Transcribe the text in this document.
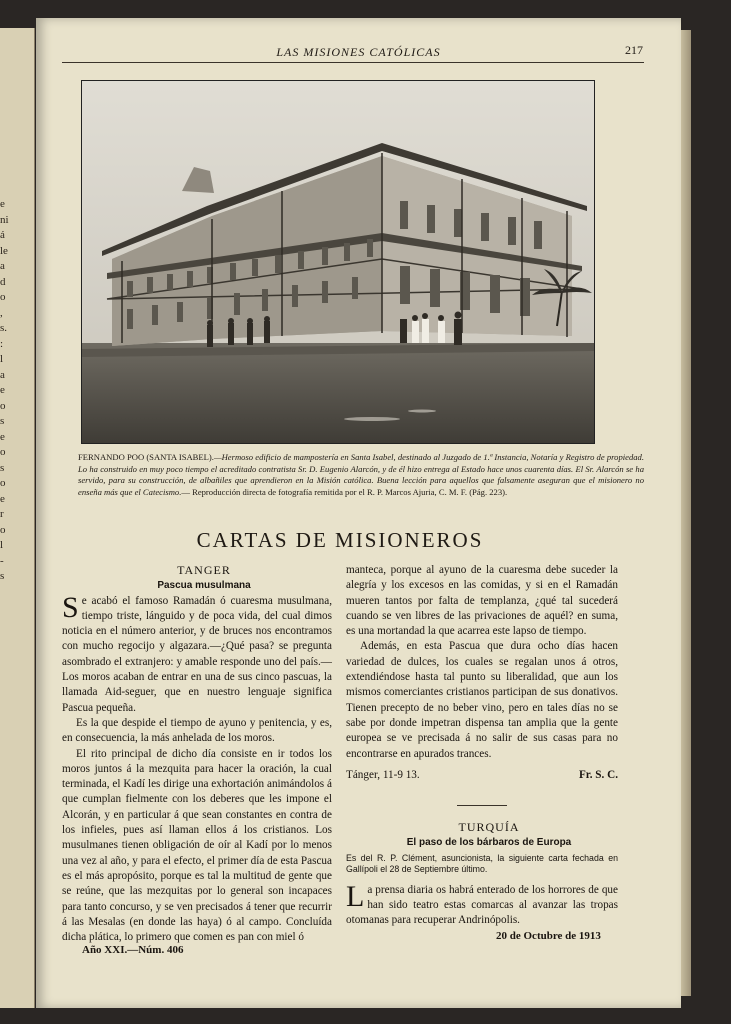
e
ni
á
le
a
d
o
,
s.
:
l
a
e
o
s
e
o
s
o
e
r
o
l
-
s
LAS MISIONES CATÓLICAS	217
FERNANDO POO (SANTA ISABEL).—Hermoso edificio de mampostería en Santa Isabel, destinado al Juzgado de 1.ª Instancia, Notaría y Registro de propiedad. Lo ha construido en muy poco tiempo el acreditado contratista Sr. D. Eugenio Alarcón, y de él hizo entrega al Estado hace unos cuarenta días. El Sr. Alarcón se ha servido, para su construcción, de albañiles que aprendieron en la Misión católica. Buena lección para aquellos que falsamente aseguran que el misionero no enseña más que el Catecismo.— Reproducción directa de fotografía remitida por el R. P. Marcos Ajuria, C. M. F. (Pág. 223).
CARTAS DE MISIONEROS

TANGER

Pascua musulmana

Se acabó el famoso Ramadán ó cuaresma musulmana, tiempo triste, lánguido y de poca vida, del cual dimos noticia en el número anterior, y de bruces nos encontramos con mucho regocijo y algazara.—¿Qué pasa? se pregunta asombrado el extranjero: y amable responde uno del país.—Los moros acaban de entrar en una de sus cinco pascuas, la llamada Aid-seguer, que en nuestro lenguaje significa Pascua pequeña.

Es la que despide el tiempo de ayuno y penitencia, y es, en consecuencia, la más anhelada de los moros.

El rito principal de dicho día consiste en ir todos los moros juntos á la mezquita para hacer la oración, la cual terminada, el Kadí les dirige una exhortación animándolos á que cumplan fielmente con los deberes que les impone el Alcorán, y en particular á que sean constantes en contra de los infieles, pues así llaman ellos á los cristianos. Los musulmanes tienen obligación de oír al Kadí por lo menos una vez al año, y para el efecto, el primer día de esta Pascua es el más apropósito, porque es tal la multitud de gente que se reúne, que las mezquitas por lo general son incapaces para tanto concurso, y se ven precisados á tener que recurrir á las Mesalas (en donde las haya) ó al campo. Concluída dicha plática, lo primero que comen es pan con miel ó

manteca, porque al ayuno de la cuaresma debe suceder la alegría y los excesos en las comidas, y si en el Ramadán mueren tantos por falta de templanza, ¿qué tal sucederá cuando se ven libres de las privaciones de aquél? en suma, es una mortandad la que acarrea este lapso de tiempo.

Además, en esta Pascua que dura ocho días hacen variedad de dulces, los cuales se regalan unos á otros, extendiéndose hasta tal punto su liberalidad, que aun los mismos comerciantes cristianos participan de sus donativos. Tienen precepto de no beber vino, pero en tales días no se sabe por donde impetran dispensa tan amplia que la gente europea se ve precisada á no salir de sus casas para no encontrarse en apurados trances.

Tánger, 11-9 13.	Fr. S. C.

TURQUÍA

El paso de los bárbaros de Europa

Es del R. P. Clément, asuncionista, la siguiente carta fechada en Gallípoli el 28 de Septiembre último.

La prensa diaria os habrá enterado de los horrores de que han sido teatro estas comarcas al avanzar las tropas otomanas para recuperar Andrinópolis.

Año XXI.—Núm. 406
20 de Octubre de 1913
